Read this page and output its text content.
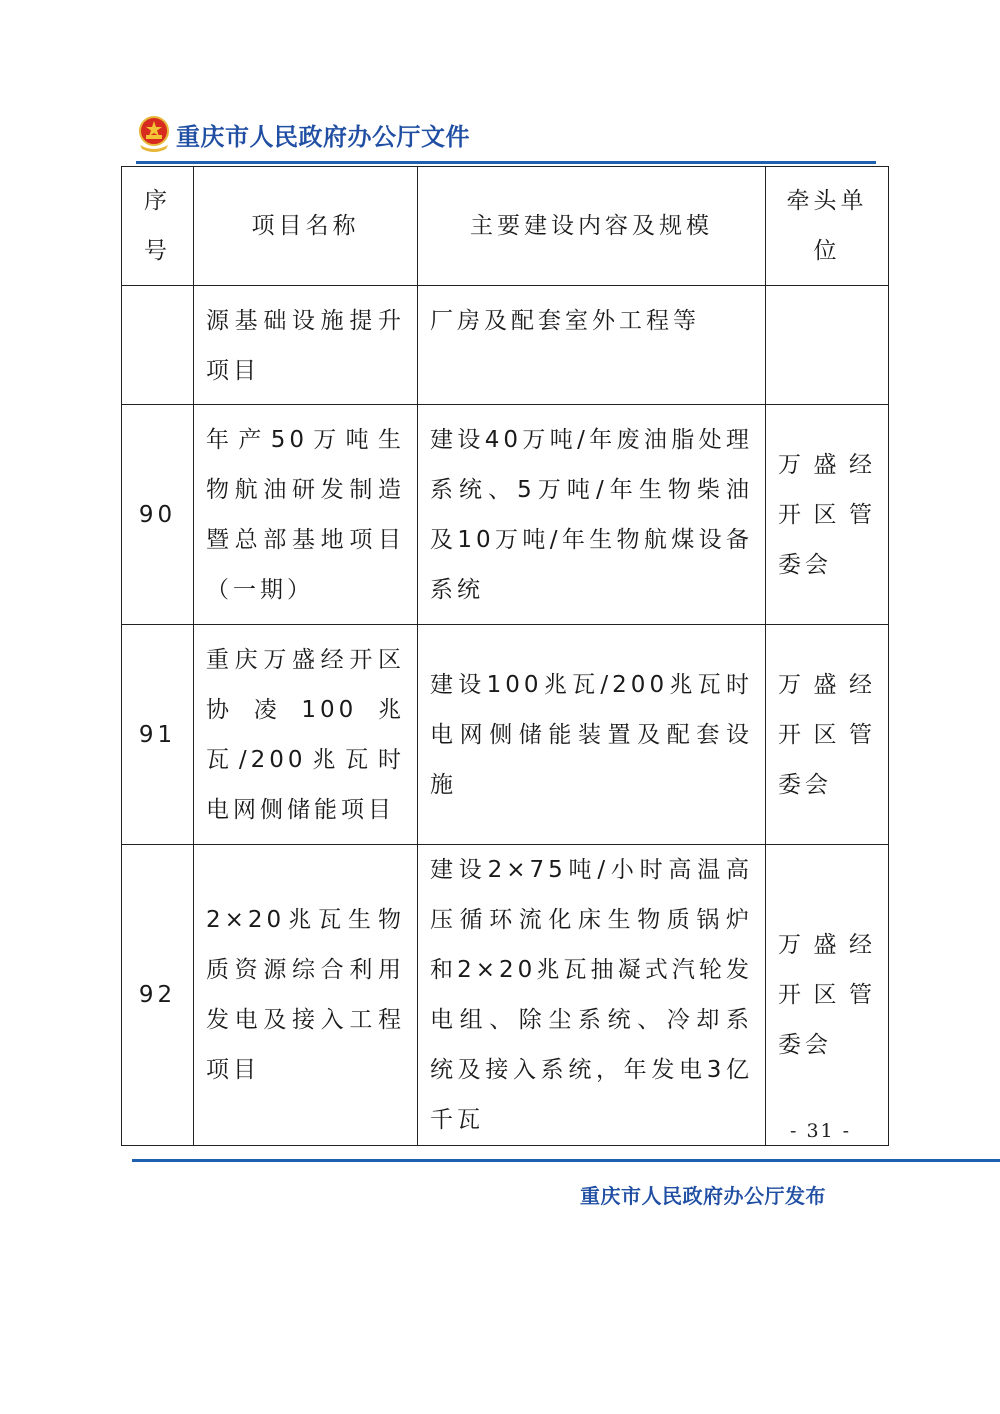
重庆市人民政府办公厅文件
序号	项目名称	主要建设内容及规模	牵头单位
	源基础设施提升项目	厂房及配套室外工程等	
90	年产50万吨生物航油研发制造暨总部基地项目（一期）	建设40万吨/年废油脂处理系统、5万吨/年生物柴油及10万吨/年生物航煤设备系统	万盛经开区管委会
91	重庆万盛经开区协凌100兆瓦/200兆瓦时电网侧储能项目	建设100兆瓦/200兆瓦时电网侧储能装置及配套设施	万盛经开区管委会
92	2×20兆瓦生物质资源综合利用发电及接入工程项目	建设2×75吨/小时高温高压循环流化床生物质锅炉和2×20兆瓦抽凝式汽轮发电组、除尘系统、冷却系统及接入系统，年发电3亿千瓦	万盛经开区管委会
- 31 -
重庆市人民政府办公厅发布
